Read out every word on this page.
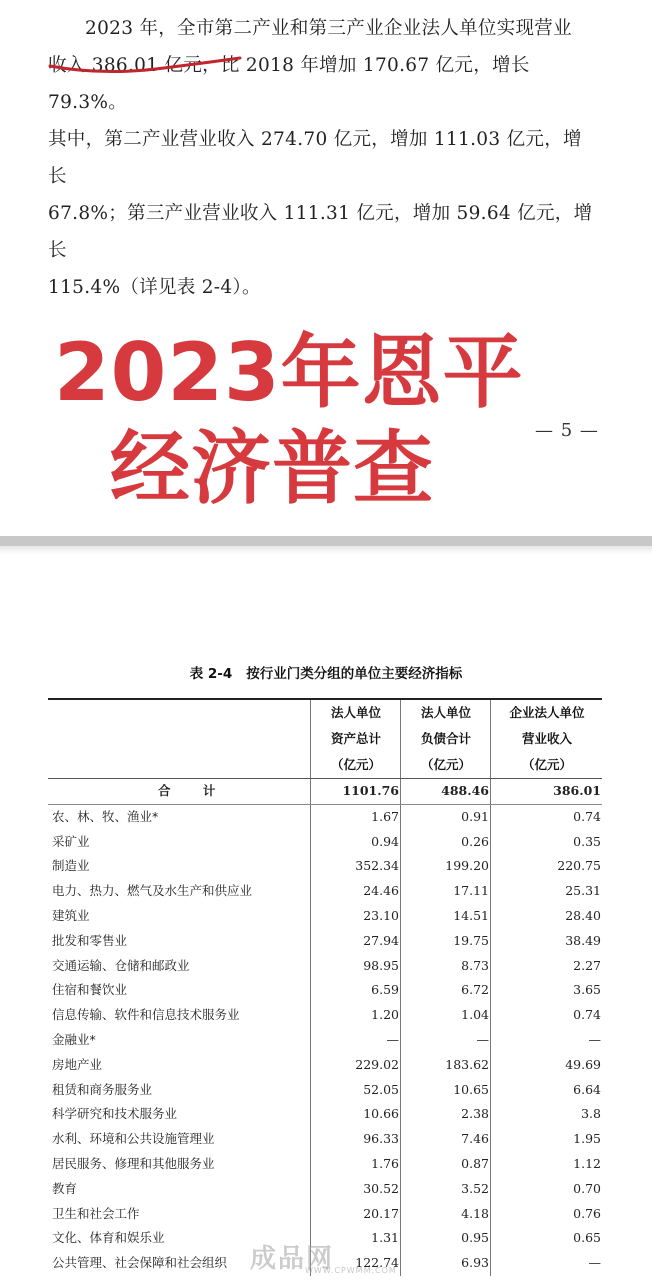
2023 年，全市第二产业和第三产业企业法人单位实现营业
收入 386.01 亿元，比 2018 年增加 170.67 亿元，增长 79.3%。
其中，第二产业营业收入 274.70 亿元，增加 111.03 亿元，增长
67.8%；第三产业营业收入 111.31 亿元，增加 59.64 亿元，增长
115.4%（详见表 2-4）。
2023年恩平
经济普查	— 5 —
表 2-4 按行业门类分组的单位主要经济指标
法人单位
资产总计
（亿元）
法人单位
负债合计
（亿元）
企业法人单位
营业收入
（亿元）
合 计	1101.76	488.46	386.01
农、林、牧、渔业*	1.67	0.91	0.74
采矿业	0.94	0.26	0.35
制造业	352.34	199.20	220.75
电力、热力、燃气及水生产和供应业	24.46	17.11	25.31
建筑业	23.10	14.51	28.40
批发和零售业	27.94	19.75	38.49
交通运输、仓储和邮政业	98.95	8.73	2.27
住宿和餐饮业	6.59	6.72	3.65
信息传输、软件和信息技术服务业	1.20	1.04	0.74
金融业*	—	—	—
房地产业	229.02	183.62	49.69
租赁和商务服务业	52.05	10.65	6.64
科学研究和技术服务业	10.66	2.38	3.8
水利、环境和公共设施管理业	96.33	7.46	1.95
居民服务、修理和其他服务业	1.76	0.87	1.12
教育	30.52	3.52	0.70
卫生和社会工作	20.17	4.18	0.76
文化、体育和娱乐业	1.31	0.95	0.65
公共管理、社会保障和社会组织	122.74	6.93	—
成品网
WWW.CPWMM.COM
